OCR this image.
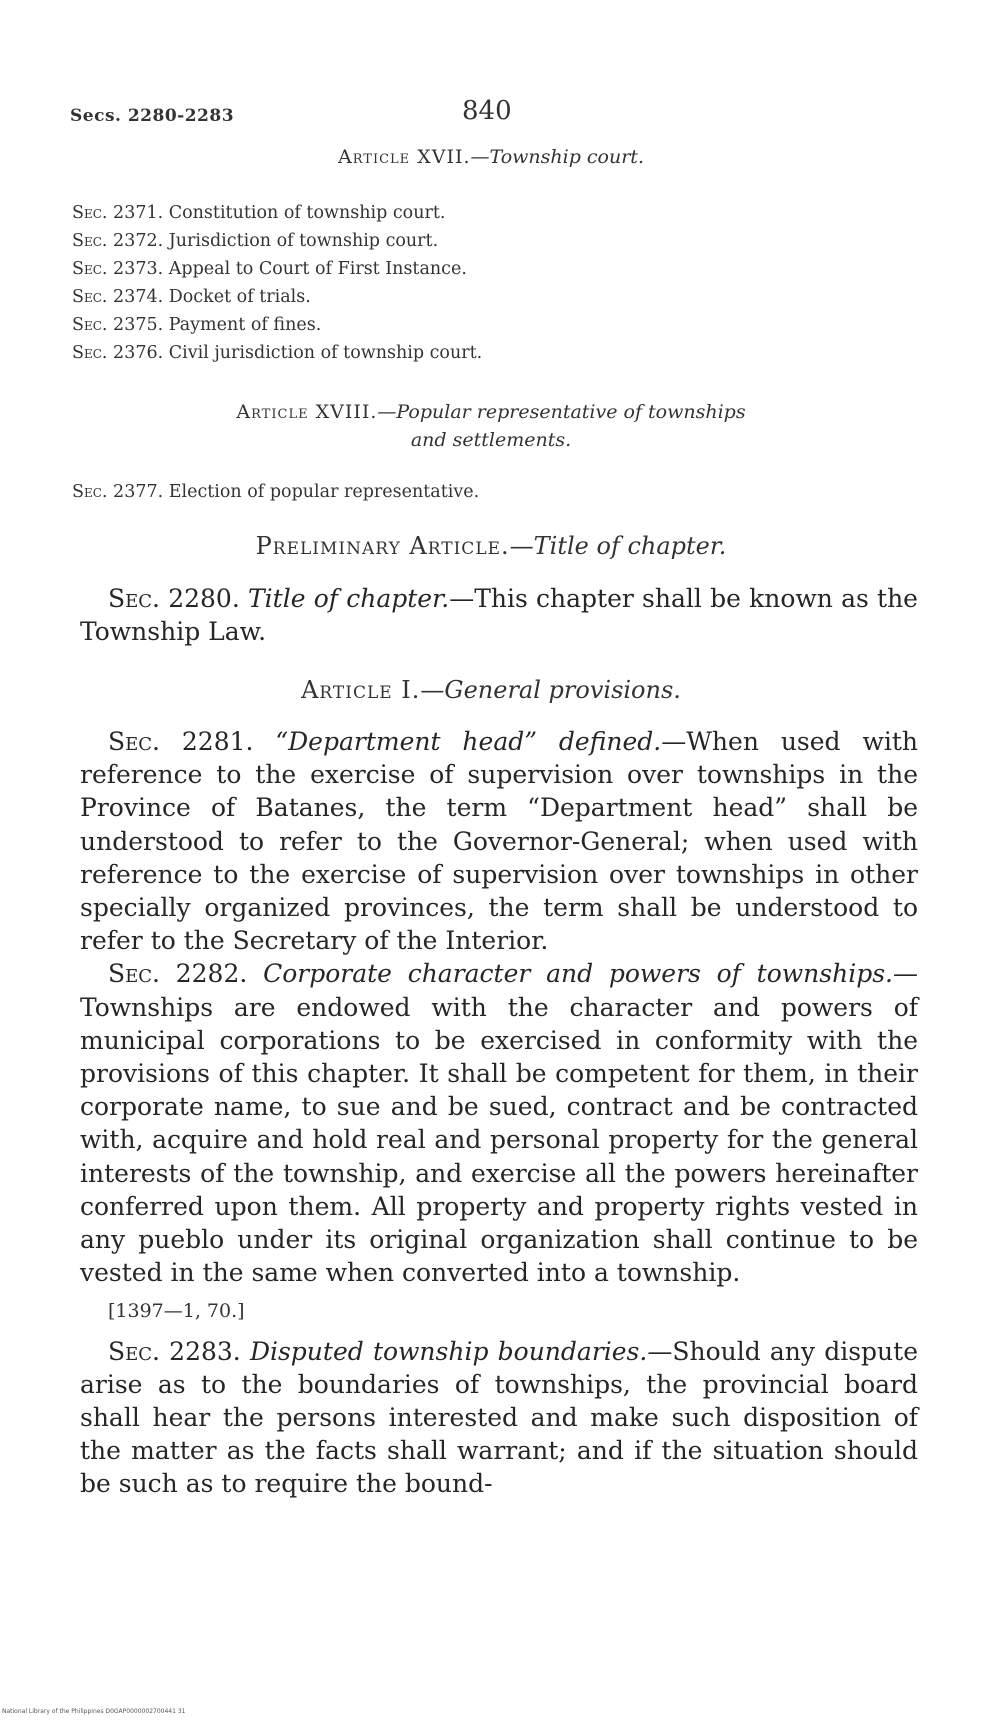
Secs. 2280-2283	840
Article XVII.—Township court.
Sec. 2371. Constitution of township court.
Sec. 2372. Jurisdiction of township court.
Sec. 2373. Appeal to Court of First Instance.
Sec. 2374. Docket of trials.
Sec. 2375. Payment of fines.
Sec. 2376. Civil jurisdiction of township court.
Article XVIII.—Popular representative of townships
and settlements.
Sec. 2377. Election of popular representative.
Preliminary Article.—Title of chapter.

Sec. 2280. Title of chapter.—This chapter shall be known as the Township Law.

Article I.—General provisions.

Sec. 2281. “Department head” defined.—When used with reference to the exercise of supervision over townships in the Province of Batanes, the term “Department head” shall be understood to refer to the Governor-General; when used with reference to the exercise of supervision over townships in other specially organized provinces, the term shall be understood to refer to the Secretary of the Interior.

Sec. 2282. Corporate character and powers of townships.—Townships are endowed with the character and powers of municipal corporations to be exercised in conformity with the provisions of this chapter. It shall be competent for them, in their corporate name, to sue and be sued, contract and be contracted with, acquire and hold real and personal property for the general interests of the township, and exercise all the powers hereinafter conferred upon them. All property and property rights vested in any pueblo under its original organization shall continue to be vested in the same when converted into a township.

[1397—1, 70.]

Sec. 2283. Disputed township boundaries.—Should any dispute arise as to the boundaries of townships, the provincial board shall hear the persons interested and make such disposition of the matter as the facts shall warrant; and if the situation should be such as to require the bound-

National Library of the Philippines D0GAP0000002700441 31
